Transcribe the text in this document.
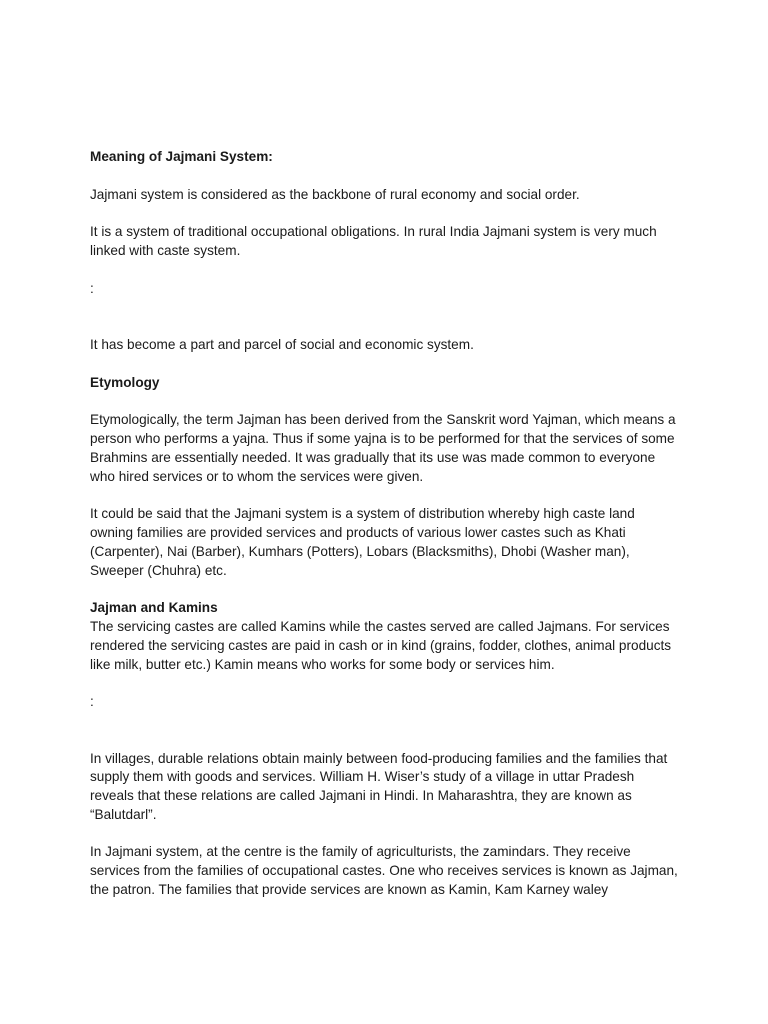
Meaning of Jajmani System:

Jajmani system is considered as the backbone of rural economy and social order.

It is a system of traditional occupational obligations. In rural India Jajmani system is very much linked with caste system.

:

It has become a part and parcel of social and economic system.

Etymology

Etymologically, the term Jajman has been derived from the Sanskrit word Yajman, which means a person who performs a yajna. Thus if some yajna is to be performed for that the services of some Brahmins are essentially needed. It was gradually that its use was made common to everyone who hired services or to whom the services were given.

It could be said that the Jajmani system is a system of distribution whereby high caste land owning families are provided services and products of various lower castes such as Khati (Carpenter), Nai (Barber), Kumhars (Potters), Lobars (Blacksmiths), Dhobi (Washer man), Sweeper (Chuhra) etc.

Jajman and Kamins

The servicing castes are called Kamins while the castes served are called Jajmans. For services rendered the servicing castes are paid in cash or in kind (grains, fodder, clothes, animal products like milk, butter etc.) Kamin means who works for some body or services him.

:

In villages, durable relations obtain mainly between food-producing families and the families that supply them with goods and services. William H. Wiser’s study of a village in uttar Pradesh reveals that these relations are called Jajmani in Hindi. In Maharashtra, they are known as “Balutdarl”.

In Jajmani system, at the centre is the family of agriculturists, the zamindars. They receive services from the families of occupational castes. One who receives services is known as Jajman, the patron. The families that provide services are known as Kamin, Kam Karney waley
